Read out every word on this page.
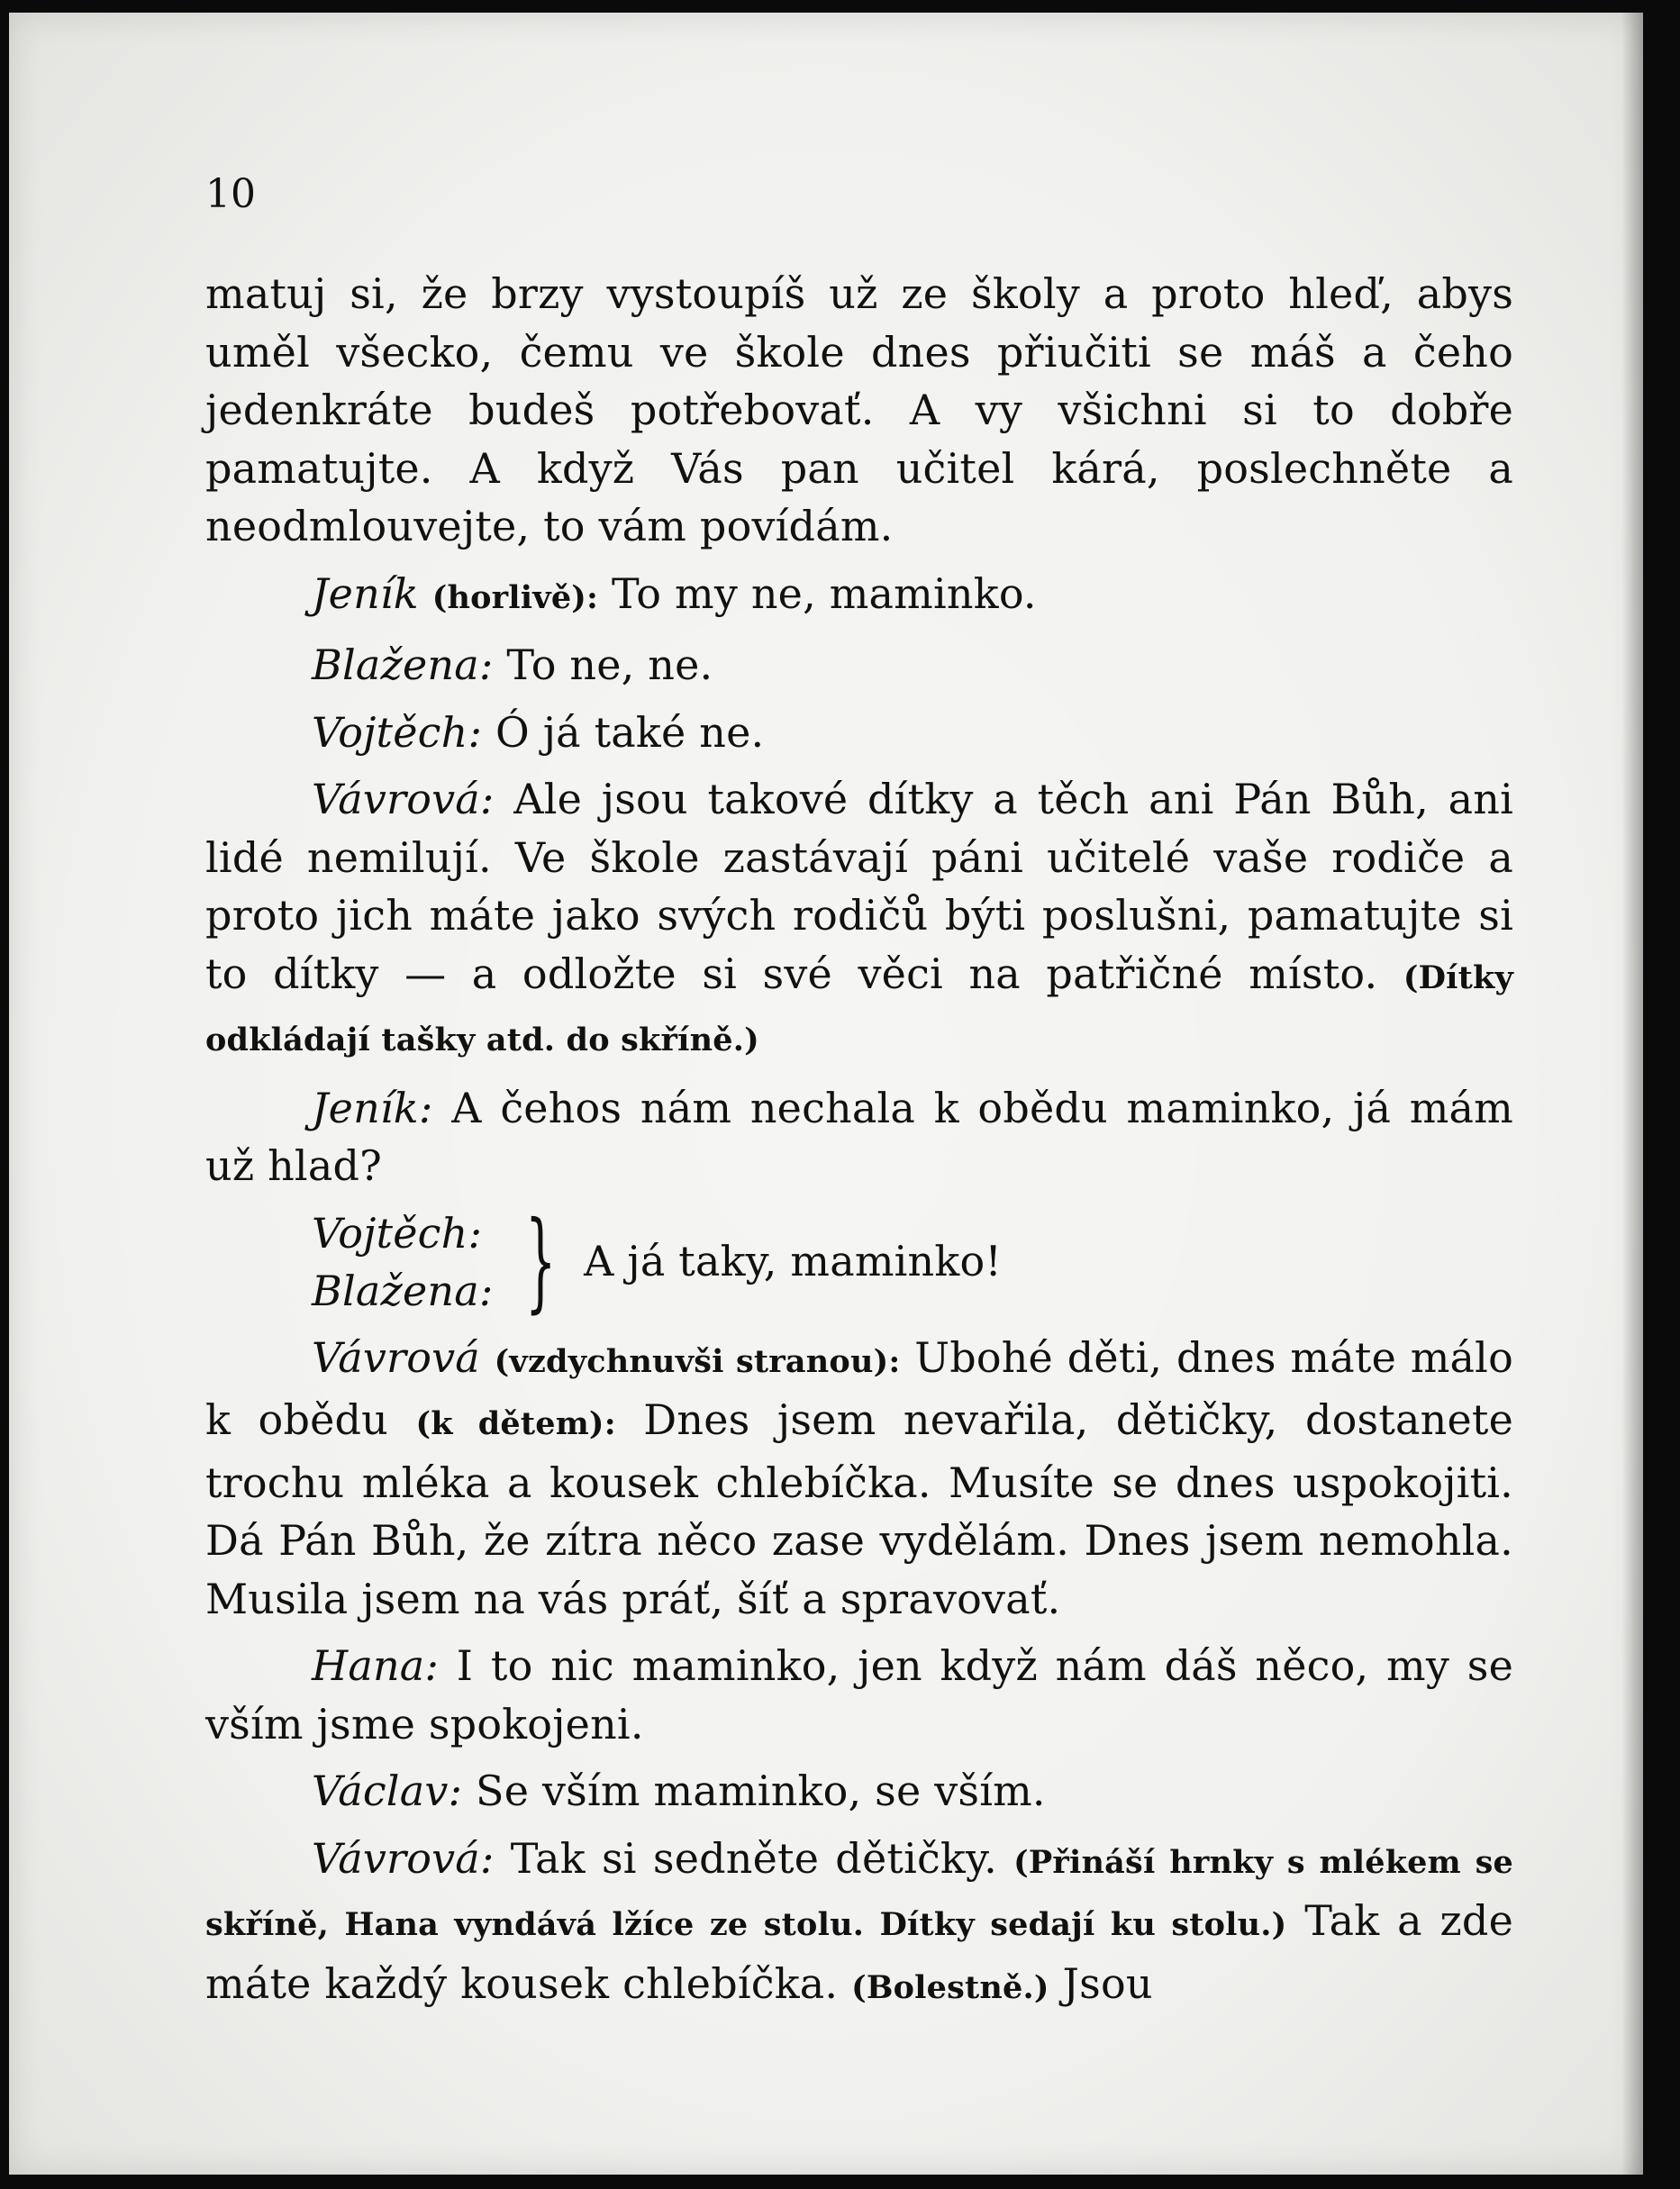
10

matuj si, že brzy vystoupíš už ze školy a proto hleď, abys uměl všecko, čemu ve škole dnes přiučiti se máš a čeho jedenkráte budeš potřebovať. A vy všichni si to dobře pamatujte. A když Vás pan učitel kárá, poslechněte a neodmlouvejte, to vám povídám.

Jeník (horlivě): To my ne, maminko.

Blažena: To ne, ne.

Vojtěch: Ó já také ne.

Vávrová: Ale jsou takové dítky a těch ani Pán Bůh, ani lidé nemilují. Ve škole zastávají páni učitelé vaše rodiče a proto jich máte jako svých rodičů býti poslušni, pamatujte si to dítky — a odložte si své věci na patřičné místo. (Dítky odkládají tašky atd. do skříně.)

Jeník: A čehos nám nechala k obědu maminko, já mám už hlad?

Vojtěch:
Blažena: } A já taky, maminko!

Vávrová (vzdychnuvši stranou): Ubohé děti, dnes máte málo k obědu (k dětem): Dnes jsem nevařila, dětičky, dostanete trochu mléka a kousek chlebíčka. Musíte se dnes uspokojiti. Dá Pán Bůh, že zítra něco zase vydělám. Dnes jsem nemohla. Musila jsem na vás práť, šíť a spravovať.

Hana: I to nic maminko, jen když nám dáš něco, my se vším jsme spokojeni.

Václav: Se vším maminko, se vším.

Vávrová: Tak si sedněte dětičky. (Přináší hrnky s mlékem se skříně, Hana vyndává lžíce ze stolu. Dítky sedají ku stolu.) Tak a zde máte každý kousek chlebíčka. (Bolestně.) Jsou
